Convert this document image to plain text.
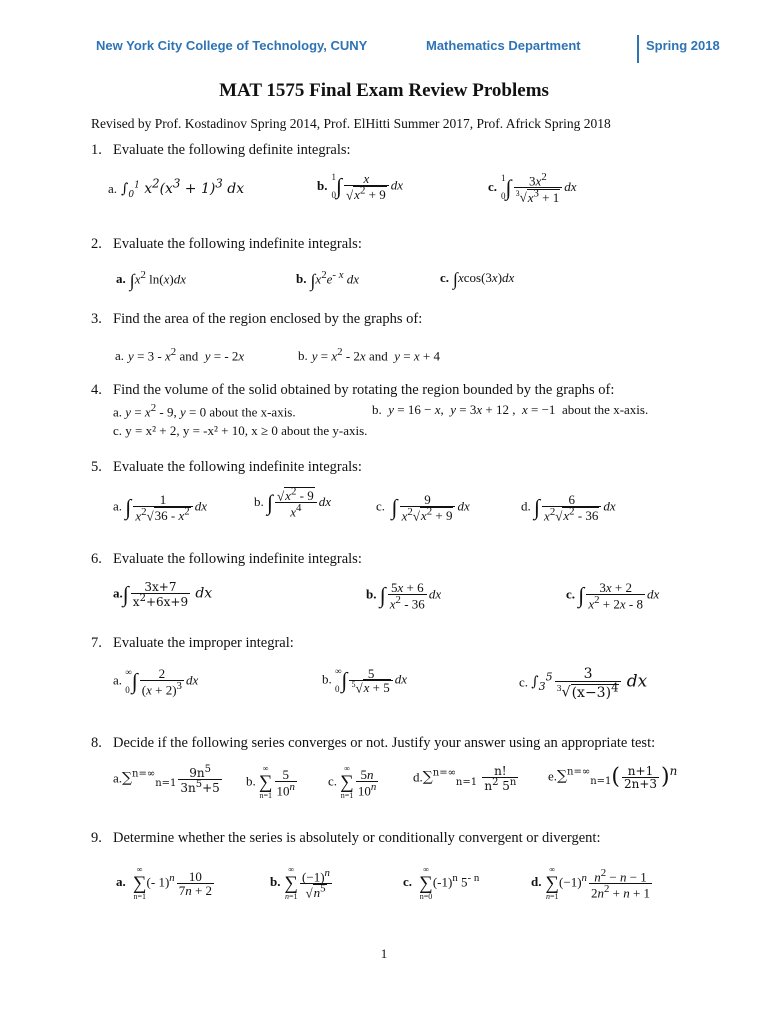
New York City College of Technology, CUNY	Mathematics Department	Spring 2018
MAT 1575 Final Exam Review Problems
Revised by Prof. Kostadinov Spring 2014, Prof. ElHitti Summer 2017, Prof. Africk Spring 2018
1. Evaluate the following definite integrals:
2. Evaluate the following indefinite integrals:
3. Find the area of the region enclosed by the graphs of:
4. Find the volume of the solid obtained by rotating the region bounded by the graphs of:
5. Evaluate the following indefinite integrals:
6. Evaluate the following indefinite integrals:
7. Evaluate the improper integral:
8. Decide if the following series converges or not. Justify your answer using an appropriate test:
9. Determine whether the series is absolutely or conditionally convergent or divergent:
a. $\int_0^1$ $x^2(x^3 + 1)^3$ dx	b.
1

0 ∫ $\frac{x}{√x^2 + 9}$ dx	c.
1

0 ∫ $\frac{3x^2}{^3√x^3 + 1}$ dx
a. $\int x^2$ ln(x)dx	b. $\int x^2e^{- x}$ dx	c. ∫xcos(3x)dx
a. $y = 3 - x^2$ and  y = - 2x	b. $y = x^2 - 2x$ and  y = x + 4
a. $y = x^2 - 9$, y = 0 about the x-axis.	b.  y = 16 − x,  y = 3x + 12 ,  x = −1  about the x-axis.
c. y = x² + 2, y = -x² + 10, x ≥ 0 about the y-axis.
a. ∫ $\frac{1}{x^2√36 - x^2}$ dx	b. ∫ $\frac{√x^2 - 9}{x^4}$ dx	c.  ∫ $\frac{9}{x^2√x^2 + 9}$ dx	d. ∫ $\frac{6}{x^2√x^2 - 36}$ dx
$a.\int \frac{3x+7}{x^2+6x+9}$ dx	b. ∫ $\frac{5x + 6}{x^2 - 36}$ dx	c. ∫ $\frac{3x + 2}{x^2 + 2x - 8}$ dx
a.
∞

0 ∫ $\frac{2}{(x + 2)^3}$ dx	b.
∞

0 ∫ $\frac{5}{^5√x + 5}$ dx	c. $\int_3^5 \frac{3}{^3√(x-3)^4}$ dx
$a.\sum^{n=\infty}_{n=1} \frac{9n^5}{3n^5+5} b$.
∞
∑
$n=1 \frac{5}{10^n} c$.
∞
∑
$n=1 \frac{5n}{10^n}$	$d.\sum^{n=\infty}_{n=1} \frac{n!}{n^2 5^n} e.\sum^{n=\infty}_{n=1}( \frac{n+1}{2n+3} )^n$
a.
∞
∑
n=1
(- $1)^n \frac{10}{7n + 2}$	b.
∞
∑
$n=1 \frac{(-1)^n}{√n^5}$	c.
∞
∑
n=0
$(-1)^n$ $5^{- n}$	d.
∞
∑
n=1
$(-1)^n \frac{n^2 - n - 1}{2n^2 + n + 1}$
1
